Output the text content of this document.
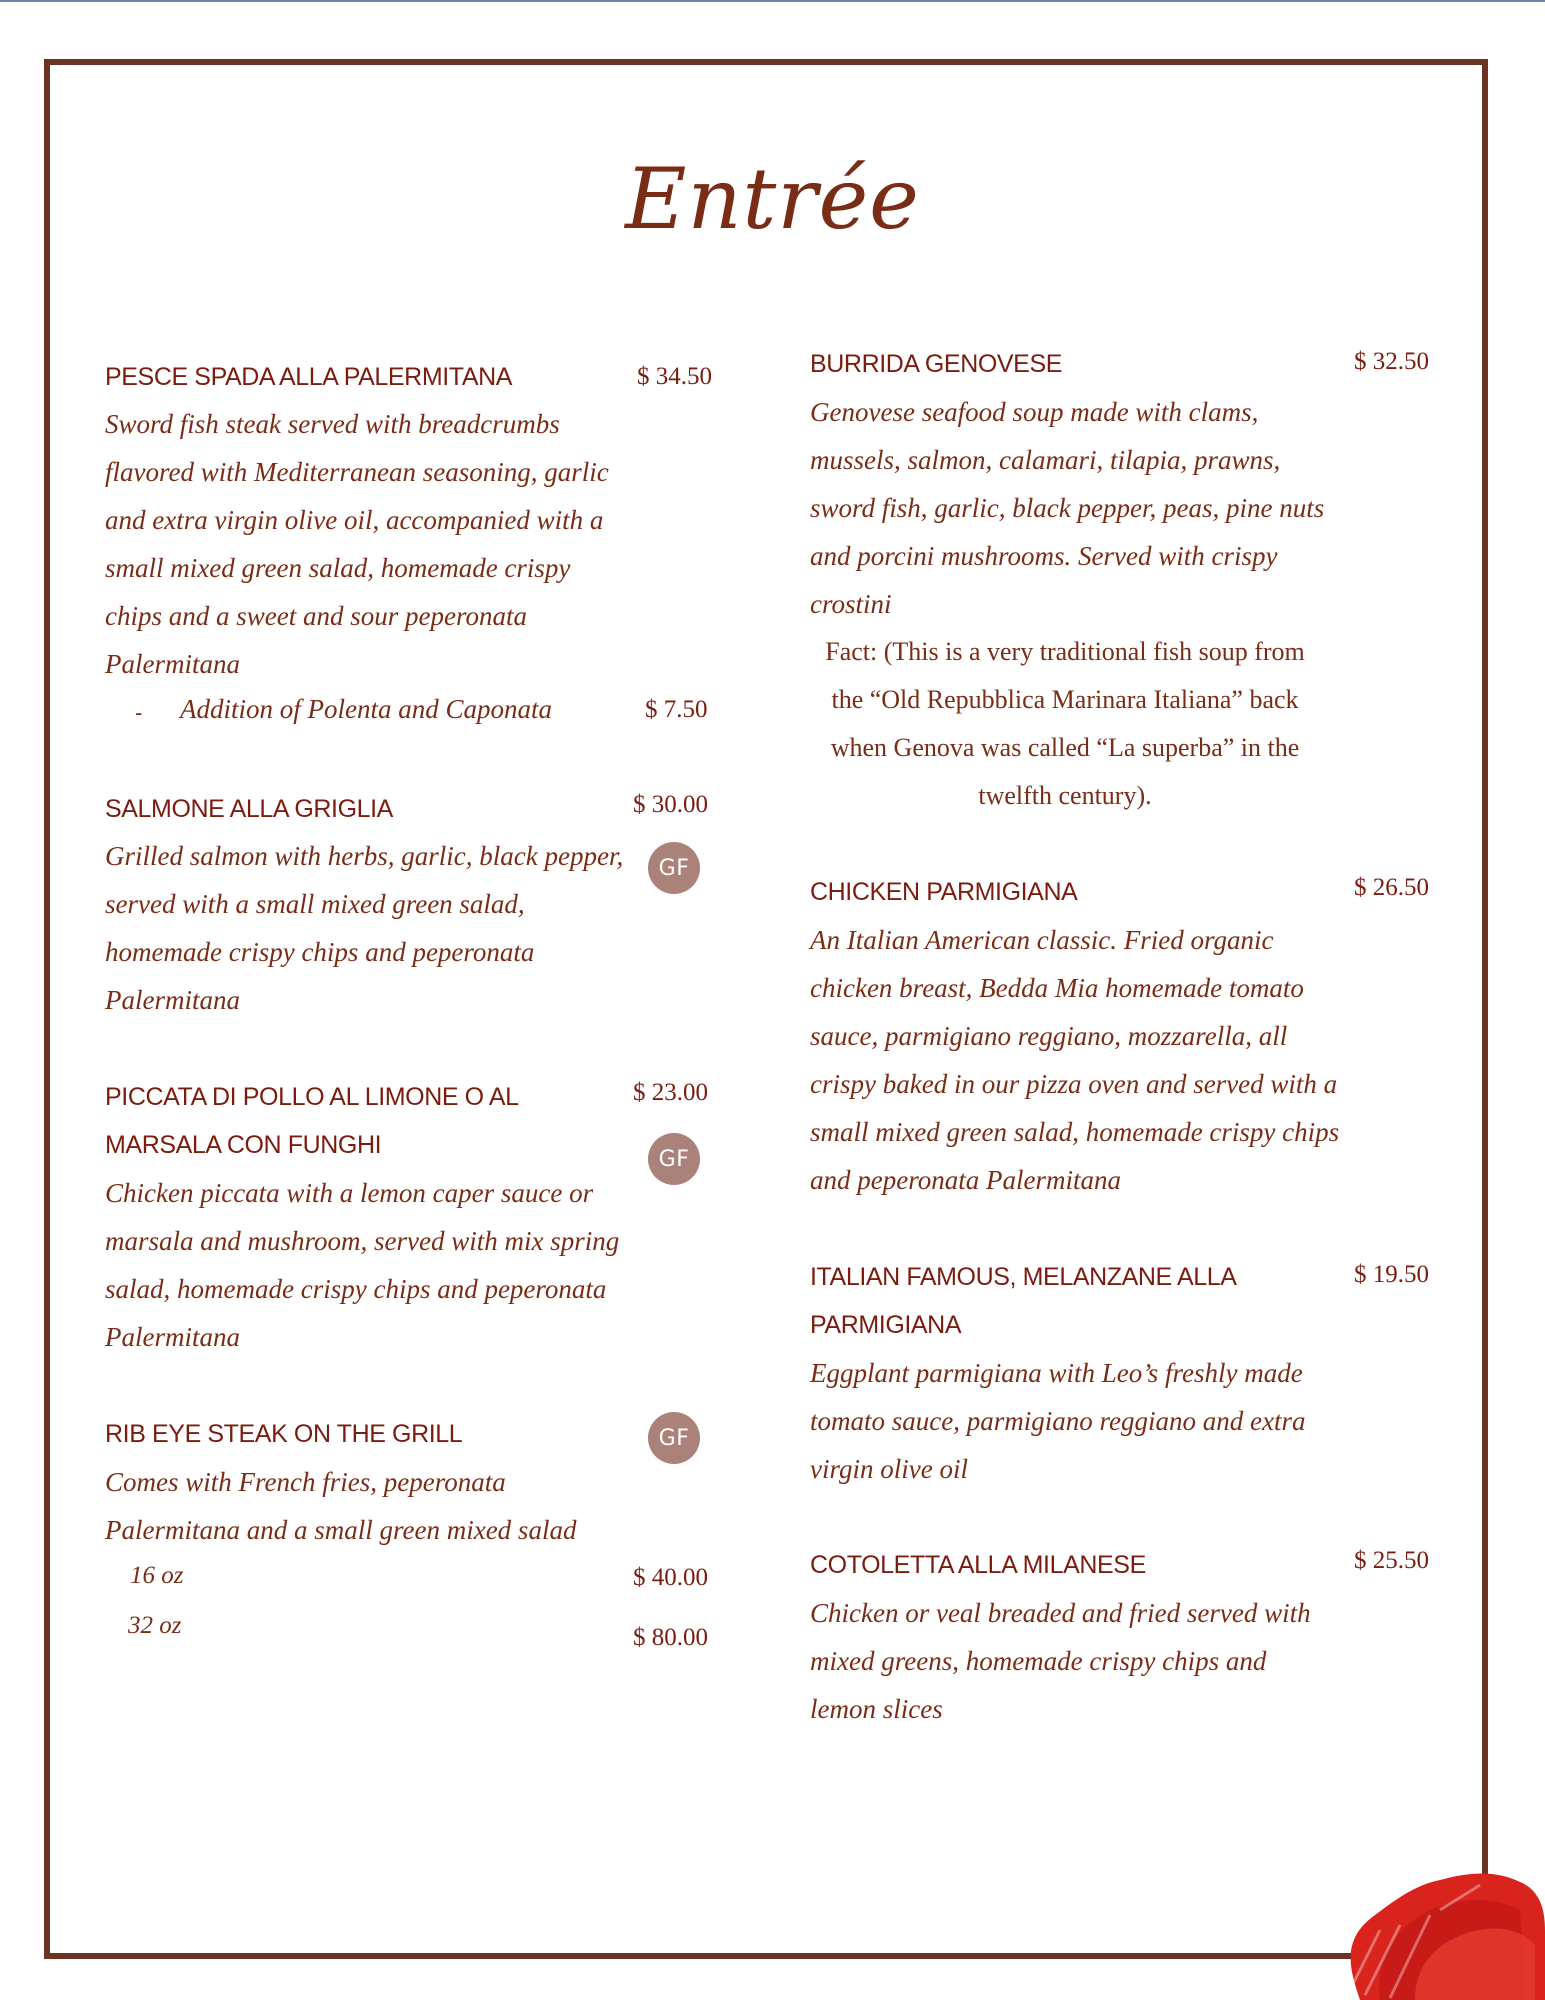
Entrée
PESCE SPADA ALLA PALERMITANA	$ 34.50
Sword fish steak served with breadcrumbs flavored with Mediterranean seasoning, garlic and extra virgin olive oil, accompanied with a small mixed green salad, homemade crispy chips and a sweet and sour peperonata Palermitana
- Addition of Polenta and Caponata	$ 7.50
SALMONE ALLA GRIGLIA	$ 30.00
GF
Grilled salmon with herbs, garlic, black pepper, served with a small mixed green salad, homemade crispy chips and peperonata Palermitana
PICCATA DI POLLO AL LIMONE O AL
MARSALA CON FUNGHI
$ 23.00
GF
Chicken piccata with a lemon caper sauce or marsala and mushroom, served with mix spring salad, homemade crispy chips and peperonata Palermitana
RIB EYE STEAK ON THE GRILL	GF
Comes with French fries, peperonata Palermitana and a small green mixed salad
16 oz	$ 40.00
32 oz	$ 80.00
BURRIDA GENOVESE	$ 32.50
Genovese seafood soup made with clams, mussels, salmon, calamari, tilapia, prawns, sword fish, garlic, black pepper, peas, pine nuts and porcini mushrooms. Served with crispy crostini
Fact: (This is a very traditional fish soup from the “Old Repubblica Marinara Italiana” back when Genova was called “La superba” in the twelfth century).
CHICKEN PARMIGIANA	$ 26.50
An Italian American classic. Fried organic chicken breast, Bedda Mia homemade tomato sauce, parmigiano reggiano, mozzarella, all crispy baked in our pizza oven and served with a small mixed green salad, homemade crispy chips and peperonata Palermitana
ITALIAN FAMOUS, MELANZANE ALLA
PARMIGIANA
$ 19.50
Eggplant parmigiana with Leo’s freshly made tomato sauce, parmigiano reggiano and extra virgin olive oil
COTOLETTA ALLA MILANESE	$ 25.50
Chicken or veal breaded and fried served with mixed greens, homemade crispy chips and lemon slices
